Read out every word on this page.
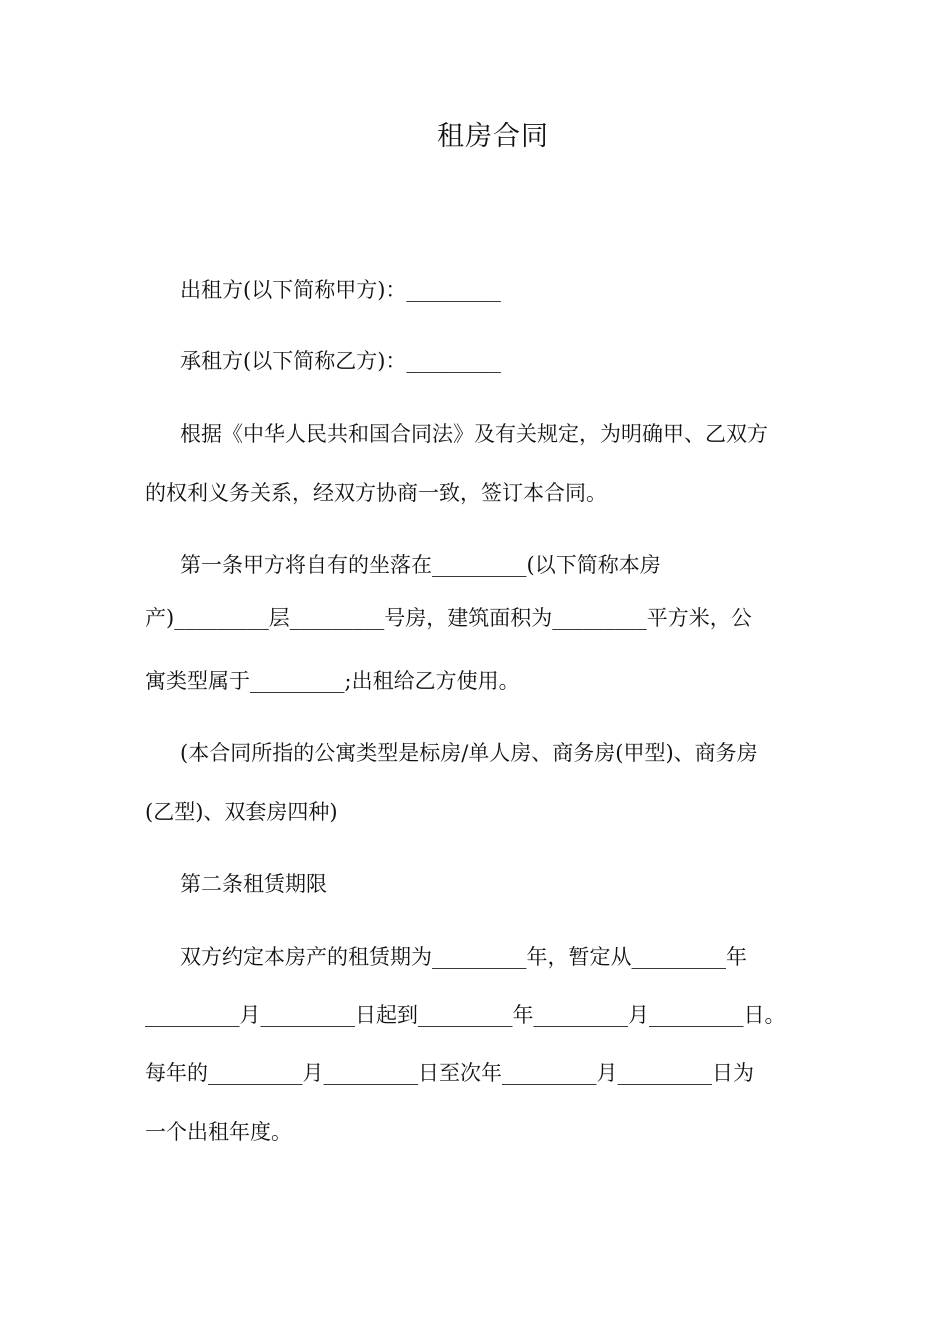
租房合同
出租方(以下简称甲方)：_________
承租方(以下简称乙方)：_________
根据《中华人民共和国合同法》及有关规定，为明确甲、乙双方
的权利义务关系，经双方协商一致，签订本合同。
第一条甲方将自有的坐落在_________(以下简称本房
产)_________层_________号房，建筑面积为_________平方米，公
寓类型属于_________;出租给乙方使用。
(本合同所指的公寓类型是标房/单人房、商务房(甲型)、商务房
(乙型)、双套房四种)
第二条租赁期限
双方约定本房产的租赁期为_________年，暂定从_________年
_________月_________日起到_________年_________月_________日。
每年的_________月_________日至次年_________月_________日为
一个出租年度。
